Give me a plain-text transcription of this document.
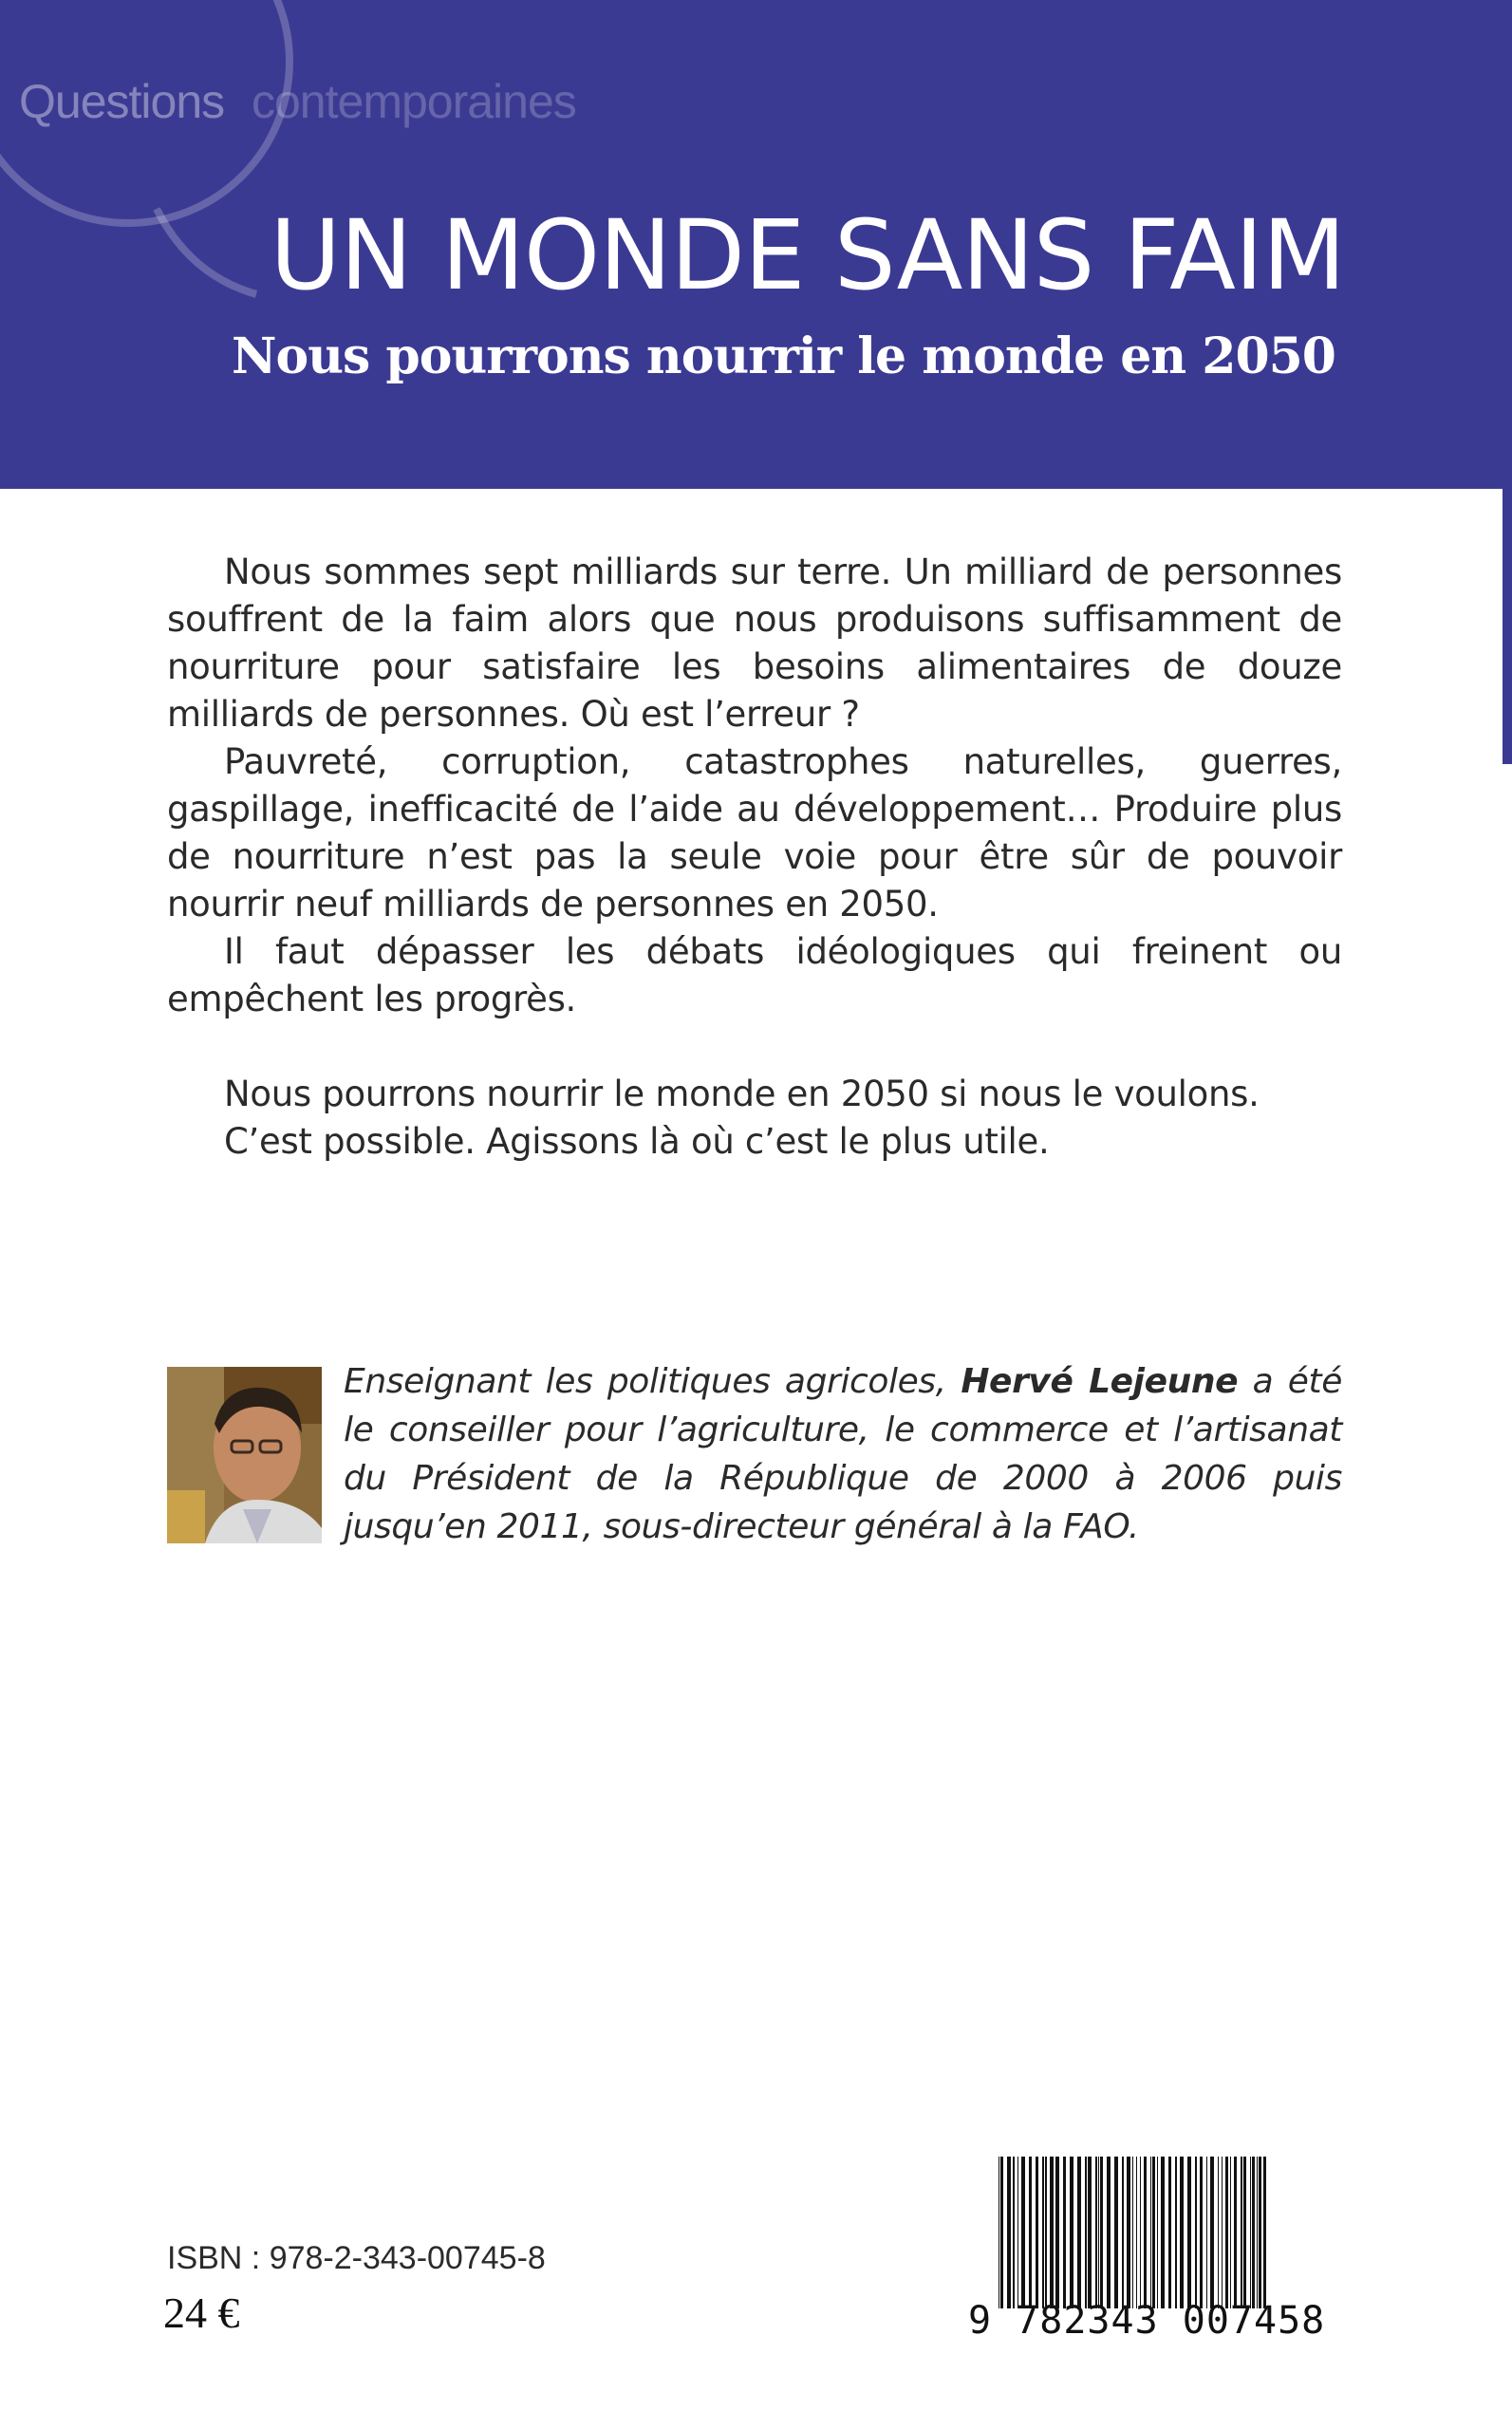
Questions contemporaines
UN MONDE SANS FAIM
Nous pourrons nourrir le monde en 2050

Nous sommes sept milliards sur terre. Un milliard de personnes souffrent de la faim alors que nous produisons suffisamment de nourriture pour satisfaire les besoins alimentaires de douze milliards de personnes. Où est l’erreur ?

Pauvreté, corruption, catastrophes naturelles, guerres, gaspillage, inefficacité de l’aide au développement… Produire plus de nourriture n’est pas la seule voie pour être sûr de pouvoir nourrir neuf milliards de personnes en 2050.

Il faut dépasser les débats idéologiques qui freinent ou empêchent les progrès.

Nous pourrons nourrir le monde en 2050 si nous le voulons.

C’est possible. Agissons là où c’est le plus utile.

Enseignant les politiques agricoles, Hervé Lejeune a été le conseiller pour l’agriculture, le commerce et l’artisanat du Président de la République de 2000 à 2006 puis jusqu’en 2011, sous-directeur général à la FAO.

ISBN : 978-2-343-00745-8

24 €	9 782343 007458
